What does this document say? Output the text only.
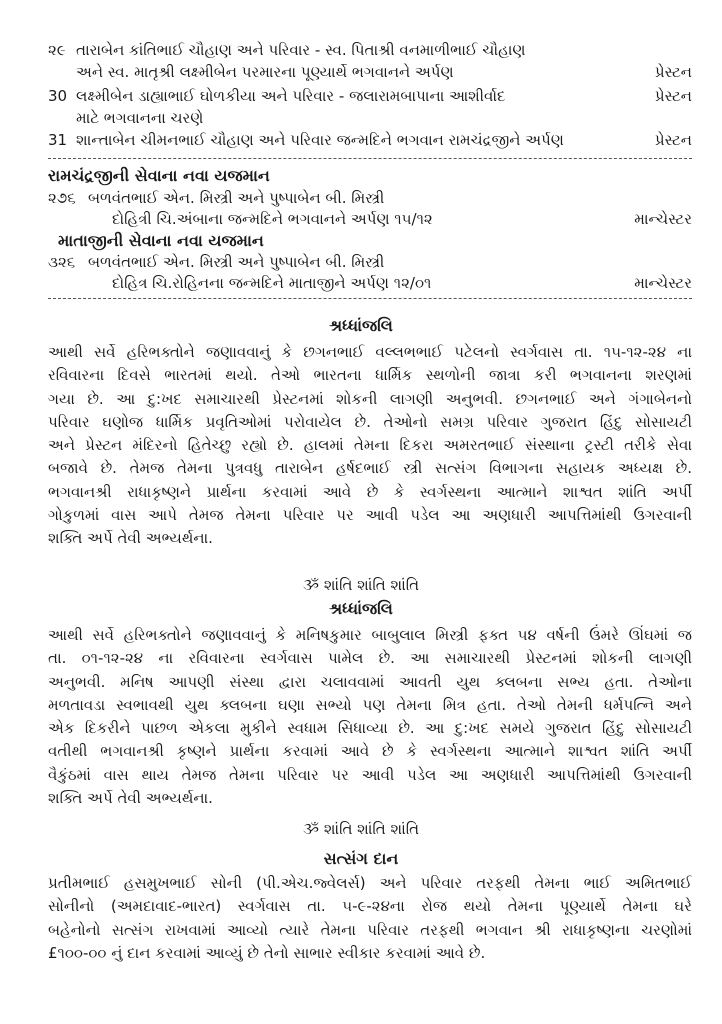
૨૯ તારાબેન કાંતિભાઈ ચૌહાણ અને પરિવાર - સ્વ. પિતાશ્રી વનમાળીભાઈ ચૌહાણ
અને સ્વ. માતૃશ્રી લક્ષ્મીબેન પરમારના પૂણ્યાર્થે ભગવાનને અર્પણ	પ્રેસ્ટન
30 લક્ષ્મીબેન ડાહ્યાભાઈ ઘોળકીયા અને પરિવાર - જલારામબાપાના આશીર્વાદ	પ્રેસ્ટન
માટે ભગવાનના ચરણે
31 શાન્તાબેન ચીમનભાઈ ચૌહાણ અને પરિવાર જન્મદિને ભગવાન રામચંદ્રજીને અર્પણ	પ્રેસ્ટન
રામચંદ્રજીની સેવાના નવા યજમાન
૨૭૬ બળવંતભાઈ એન. મિસ્ત્રી અને પુષ્પાબેન બી. મિસ્ત્રી
દોહિત્રી ચિ.અંબાના જન્મદિને ભગવાનને અર્પણ ૧૫/૧૨	માન્ચેસ્ટર
માતાજીની સેવાના નવા યજમાન
૩૨૬ બળવંતભાઈ એન. મિસ્ત્રી અને પુષ્પાબેન બી. મિસ્ત્રી
દોહિત્ર ચિ.રોહિનના જન્મદિને માતાજીને અર્પણ ૧૨/૦૧	માન્ચેસ્ટર
શ્રધ્ધાંજલિ
આથી સર્વે હરિભક્તોને જણાવવાનું કે છગનભાઈ વલ્લભભાઈ પટેલનો સ્વર્ગવાસ તા. ૧૫-૧૨-૨૪ ના
રવિવારના દિવસે ભારતમાં થયો. તેઓ ભારતના ધાર્મિક સ્થળોની જાત્રા કરી ભગવાનના શરણમાં
ગયા છે. આ દુ:ખદ સમાચારથી પ્રેસ્ટનમાં શોકની લાગણી અનુભવી. છગનભાઈ અને ગંગાબેનનો
પરિવાર ઘણોજ ધાર્મિક પ્રવૃતિઓમાં પરોવાયેલ છે. તેઓનો સમગ્ર પરિવાર ગુજરાત હિંદુ સોસાયટી
અને પ્રેસ્ટન મંદિરનો હિતેચ્છુ રહ્યો છે. હાલમાં તેમના દિકરા અમરતભાઈ સંસ્થાના ટ્રસ્ટી તરીકે સેવા
બજાવે છે. તેમજ તેમના પુત્રવધુ તારાબેન હર્ષદભાઈ સ્ત્રી સત્સંગ વિભાગના સહાયક અધ્યક્ષ છે.
ભગવાનશ્રી રાધાકૃષ્ણને પ્રાર્થના કરવામાં આવે છે કે સ્વર્ગસ્થના આત્માને શાશ્વત શાંતિ અર્પી
ગોકુળમાં વાસ આપે તેમજ તેમના પરિવાર પર આવી પડેલ આ અણધારી આપત્તિમાંથી ઉગરવાની
શક્તિ અર્પે તેવી અભ્યર્થના.
ૐ શાંતિ શાંતિ શાંતિ
શ્રધ્ધાંજલિ
આથી સર્વે હરિભક્તોને જણાવવાનું કે મનિષકુમાર બાબુલાલ મિસ્ત્રી ફક્ત ૫૪ વર્ષની ઉંમરે ઊંઘમાં જ
તા. ૦૧-૧૨-૨૪ ના રવિવારના સ્વર્ગવાસ પામેલ છે. આ સમાચારથી પ્રેસ્ટનમાં શોકની લાગણી
અનુભવી. મનિષ આપણી સંસ્થા દ્વારા ચલાવવામાં આવતી યુથ ક્લબના સભ્ય હતા. તેઓના
મળતાવડા સ્વભાવથી યુથ ક્લબના ઘણા સભ્યો પણ તેમના મિત્ર હતા. તેઓ તેમની ધર્મપત્નિ અને
એક દિકરીને પાછળ એકલા મુકીને સ્વધામ સિધાવ્યા છે. આ દુ:ખદ સમયે ગુજરાત હિંદુ સોસાયટી
વતીથી ભગવાનશ્રી કૃષ્ણને પ્રાર્થના કરવામાં આવે છે કે સ્વર્ગસ્થના આત્માને શાશ્વત શાંતિ અર્પી
વૈકુંઠમાં વાસ થાય તેમજ તેમના પરિવાર પર આવી પડેલ આ અણધારી આપત્તિમાંથી ઉગરવાની
શક્તિ અર્પે તેવી અભ્યર્થના.
ૐ શાંતિ શાંતિ શાંતિ
સત્સંગ દાન
પ્રતીમભાઈ હસમુખભાઈ સોની (પી.એચ.જ્વેલર્સ) અને પરિવાર તરફથી તેમના ભાઈ અમિતભાઈ
સોનીનો (અમદાવાદ-ભારત) સ્વર્ગવાસ તા. ૫-૯-૨૪ના રોજ થયો તેમના પૂણ્યાર્થે તેમના ઘરે
બહેનોનો સત્સંગ રાખવામાં આવ્યો ત્યારે તેમના પરિવાર તરફથી ભગવાન શ્રી રાધાકૃષ્ણના ચરણોમાં
£૧૦૦-૦૦ નું દાન કરવામાં આવ્યું છે તેનો સાભાર સ્વીકાર કરવામાં આવે છે.
